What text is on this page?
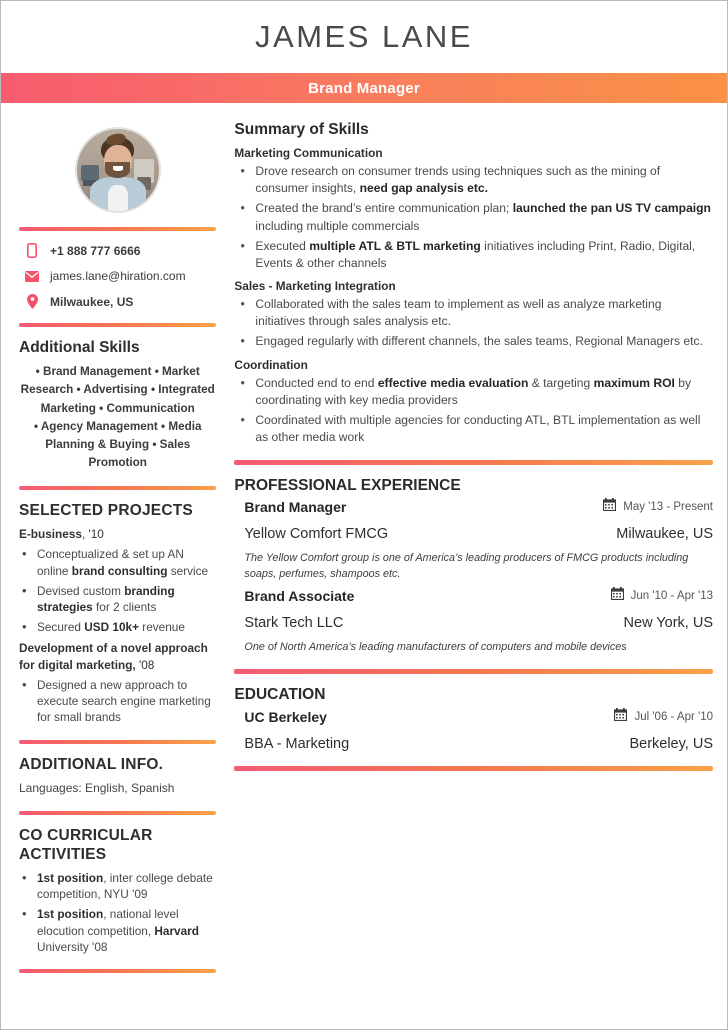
JAMES LANE
Brand Manager
+1 888 777 6666
james.lane@hiration.com
Milwaukee, US
Additional Skills
• Brand Management • Market Research • Advertising • Integrated Marketing • Communication
• Agency Management • Media Planning & Buying • Sales Promotion
SELECTED PROJECTS
E-business, '10
• Conceptualized & set up AN online brand consulting service
• Devised custom branding strategies for 2 clients
• Secured USD 10k+ revenue
Development of a novel approach for digital marketing, '08
• Designed a new approach to execute search engine marketing for small brands
ADDITIONAL INFO.
Languages: English, Spanish
CO CURRICULAR ACTIVITIES
• 1st position, inter college debate competition, NYU '09
• 1st position, national level elocution competition, Harvard University '08
Summary of Skills
Marketing Communication
• Drove research on consumer trends using techniques such as the mining of consumer insights, need gap analysis etc.
• Created the brand’s entire communication plan; launched the pan US TV campaign including multiple commercials
• Executed multiple ATL & BTL marketing initiatives including Print, Radio, Digital, Events & other channels
Sales - Marketing Integration
• Collaborated with the sales team to implement as well as analyze marketing initiatives through sales analysis etc.
• Engaged regularly with different channels, the sales teams, Regional Managers etc.
Coordination
• Conducted end to end effective media evaluation & targeting maximum ROI by coordinating with key media providers
• Coordinated with multiple agencies for conducting ATL, BTL implementation as well as other media work
PROFESSIONAL EXPERIENCE
Brand Manager	May '13 - Present
Yellow Comfort FMCG	Milwaukee, US
The Yellow Comfort group is one of America’s leading producers of FMCG products including soaps, perfumes, shampoos etc.
Brand Associate	Jun '10 - Apr '13
Stark Tech LLC	New York, US
One of North America’s leading manufacturers of computers and mobile devices
EDUCATION
UC Berkeley	Jul '06 - Apr '10
BBA - Marketing	Berkeley, US
